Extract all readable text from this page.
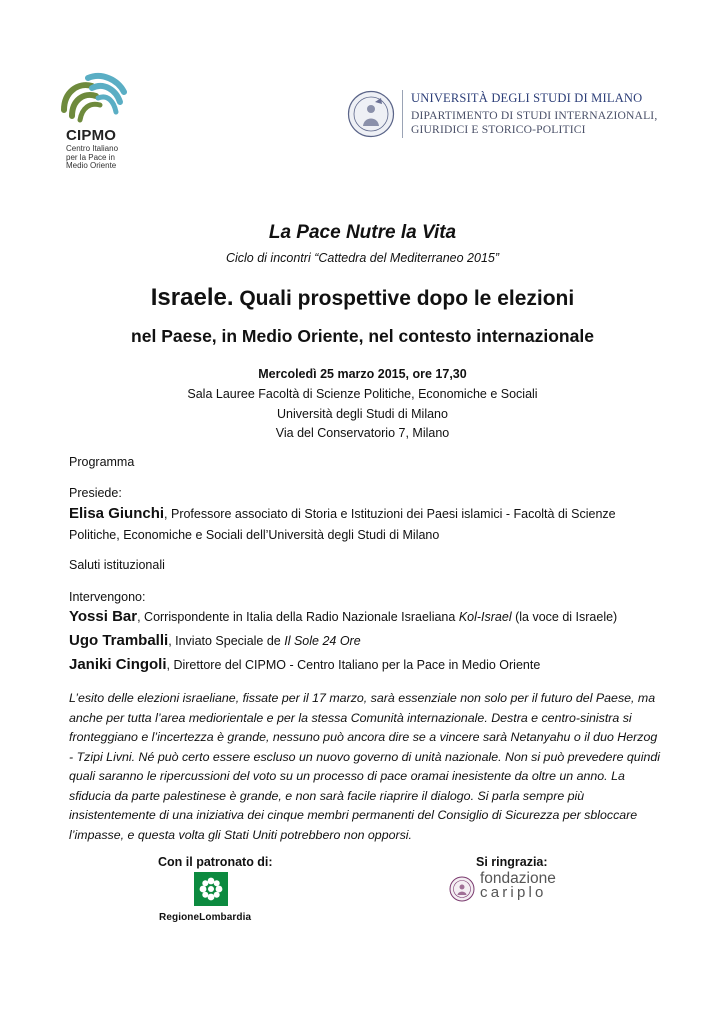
CIPMO
Centro Italiano
per la Pace in
Medio Oriente
UNIVERSITÀ DEGLI STUDI DI MILANO
DIPARTIMENTO DI STUDI INTERNAZIONALI,
GIURIDICI E STORICO-POLITICI
La Pace Nutre la Vita
Ciclo di incontri “Cattedra del Mediterraneo 2015”
Israele. Quali prospettive dopo le elezioni
nel Paese, in Medio Oriente, nel contesto internazionale
Mercoledì 25 marzo 2015, ore 17,30
Sala Lauree Facoltà di Scienze Politiche, Economiche e Sociali
Università degli Studi di Milano
Via del Conservatorio 7, Milano
Programma
Presiede:
Elisa Giunchi, Professore associato di Storia e Istituzioni dei Paesi islamici - Facoltà di Scienze Politiche, Economiche e Sociali dell’Università degli Studi di Milano
Saluti istituzionali
Intervengono:
Yossi Bar, Corrispondente in Italia della Radio Nazionale Israeliana Kol-Israel (la voce di Israele)
Ugo Tramballi, Inviato Speciale de Il Sole 24 Ore
Janiki Cingoli, Direttore del CIPMO - Centro Italiano per la Pace in Medio Oriente
L’esito delle elezioni israeliane, fissate per il 17 marzo, sarà essenziale non solo per il futuro del Paese, ma anche per tutta l’area mediorientale e per la stessa Comunità internazionale. Destra e centro-sinistra si fronteggiano e l’incertezza è grande, nessuno può ancora dire se a vincere sarà Netanyahu o il duo Herzog - Tzipi Livni. Né può certo essere escluso un nuovo governo di unità nazionale. Non si può prevedere quindi quali saranno le ripercussioni del voto su un processo di pace oramai inesistente da oltre un anno. La sfiducia da parte palestinese è grande, e non sarà facile riaprire il dialogo. Si parla sempre più insistentemente di una iniziativa dei cinque membri permanenti del Consiglio di Sicurezza per sbloccare l’impasse, e questa volta gli Stati Uniti potrebbero non opporsi.
Con il patronato di:	Si ringrazia:
RegioneLombardia
fondazione
cariplo
